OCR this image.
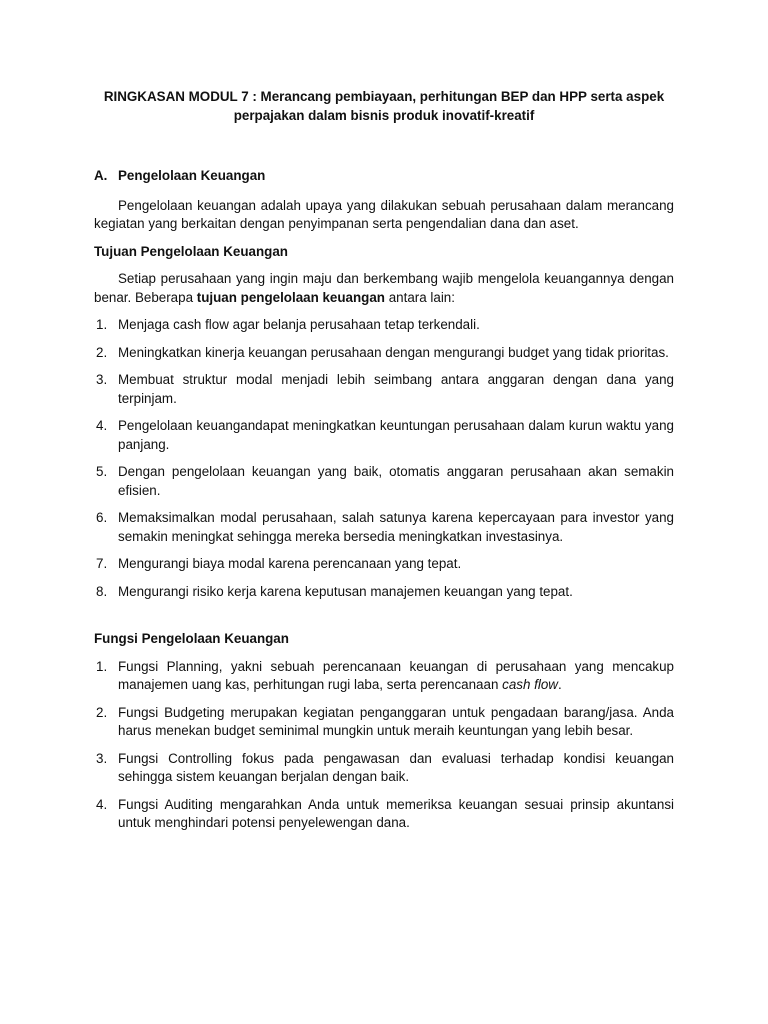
RINGKASAN MODUL 7 : Merancang pembiayaan, perhitungan BEP dan HPP serta aspek
perpajakan dalam bisnis produk inovatif-kreatif
A. Pengelolaan Keuangan

Pengelolaan keuangan adalah upaya yang dilakukan sebuah perusahaan dalam merancang kegiatan yang berkaitan dengan penyimpanan serta pengendalian dana dan aset.

Tujuan Pengelolaan Keuangan

Setiap perusahaan yang ingin maju dan berkembang wajib mengelola keuangannya dengan benar. Beberapa tujuan pengelolaan keuangan antara lain:

1. Menjaga cash flow agar belanja perusahaan tetap terkendali.
2. Meningkatkan kinerja keuangan perusahaan dengan mengurangi budget yang tidak prioritas.
3. Membuat struktur modal menjadi lebih seimbang antara anggaran dengan dana yang terpinjam.
4. Pengelolaan keuangandapat meningkatkan keuntungan perusahaan dalam kurun waktu yang panjang.
5. Dengan pengelolaan keuangan yang baik, otomatis anggaran perusahaan akan semakin efisien.
6. Memaksimalkan modal perusahaan, salah satunya karena kepercayaan para investor yang semakin meningkat sehingga mereka bersedia meningkatkan investasinya.
7. Mengurangi biaya modal karena perencanaan yang tepat.
8. Mengurangi risiko kerja karena keputusan manajemen keuangan yang tepat.
Fungsi Pengelolaan Keuangan
1. Fungsi Planning, yakni sebuah perencanaan keuangan di perusahaan yang mencakup manajemen uang kas, perhitungan rugi laba, serta perencanaan cash flow.
2. Fungsi Budgeting merupakan kegiatan penganggaran untuk pengadaan barang/jasa. Anda harus menekan budget seminimal mungkin untuk meraih keuntungan yang lebih besar.
3. Fungsi Controlling fokus pada pengawasan dan evaluasi terhadap kondisi keuangan sehingga sistem keuangan berjalan dengan baik.
4. Fungsi Auditing mengarahkan Anda untuk memeriksa keuangan sesuai prinsip akuntansi untuk menghindari potensi penyelewengan dana.
